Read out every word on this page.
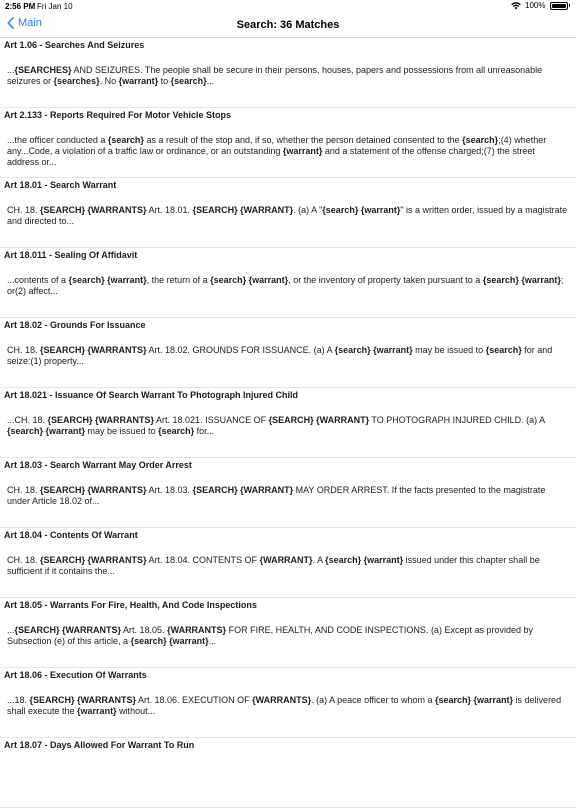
2:56 PM Fri Jan 10	100%
Main	Search: 36 Matches
Art 1.06 - Searches And Seizures
...{SEARCHES} AND SEIZURES. The people shall be secure in their persons, houses, papers and possessions from all unreasonable seizures or {searches}. No {warrant} to {search}...
Art 2.133 - Reports Required For Motor Vehicle Stops
...the officer conducted a {search} as a result of the stop and, if so, whether the person detained consented to the {search};(4) whether any...Code, a violation of a traffic law or ordinance, or an outstanding {warrant} and a statement of the offense charged;(7) the street address or...
Art 18.01 - Search Warrant
CH. 18. {SEARCH} {WARRANTS} Art. 18.01. {SEARCH} {WARRANT}. (a) A "{search} {warrant}" is a written order, issued by a magistrate and directed to...
Art 18.011 - Sealing Of Affidavit
...contents of a {search} {warrant}, the return of a {search} {warrant}, or the inventory of property taken pursuant to a {search} {warrant}; or(2) affect...
Art 18.02 - Grounds For Issuance
CH. 18. {SEARCH} {WARRANTS} Art. 18.02. GROUNDS FOR ISSUANCE. (a) A {search} {warrant} may be issued to {search} for and seize:(1) property...
Art 18.021 - Issuance Of Search Warrant To Photograph Injured Child
...CH. 18. {SEARCH} {WARRANTS} Art. 18.021. ISSUANCE OF {SEARCH} {WARRANT} TO PHOTOGRAPH INJURED CHILD. (a) A {search} {warrant} may be issued to {search} for...
Art 18.03 - Search Warrant May Order Arrest
CH. 18. {SEARCH} {WARRANTS} Art. 18.03. {SEARCH} {WARRANT} MAY ORDER ARREST. If the facts presented to the magistrate under Article 18.02 of...
Art 18.04 - Contents Of Warrant
CH. 18. {SEARCH} {WARRANTS} Art. 18.04. CONTENTS OF {WARRANT}. A {search} {warrant} issued under this chapter shall be sufficient if it contains the...
Art 18.05 - Warrants For Fire, Health, And Code Inspections
...{SEARCH} {WARRANTS} Art. 18.05. {WARRANTS} FOR FIRE, HEALTH, AND CODE INSPECTIONS. (a) Except as provided by Subsection (e) of this article, a {search} {warrant}...
Art 18.06 - Execution Of Warrants
...18. {SEARCH} {WARRANTS} Art. 18.06. EXECUTION OF {WARRANTS}. (a) A peace officer to whom a {search} {warrant} is delivered shall execute the {warrant} without...
Art 18.07 - Days Allowed For Warrant To Run
